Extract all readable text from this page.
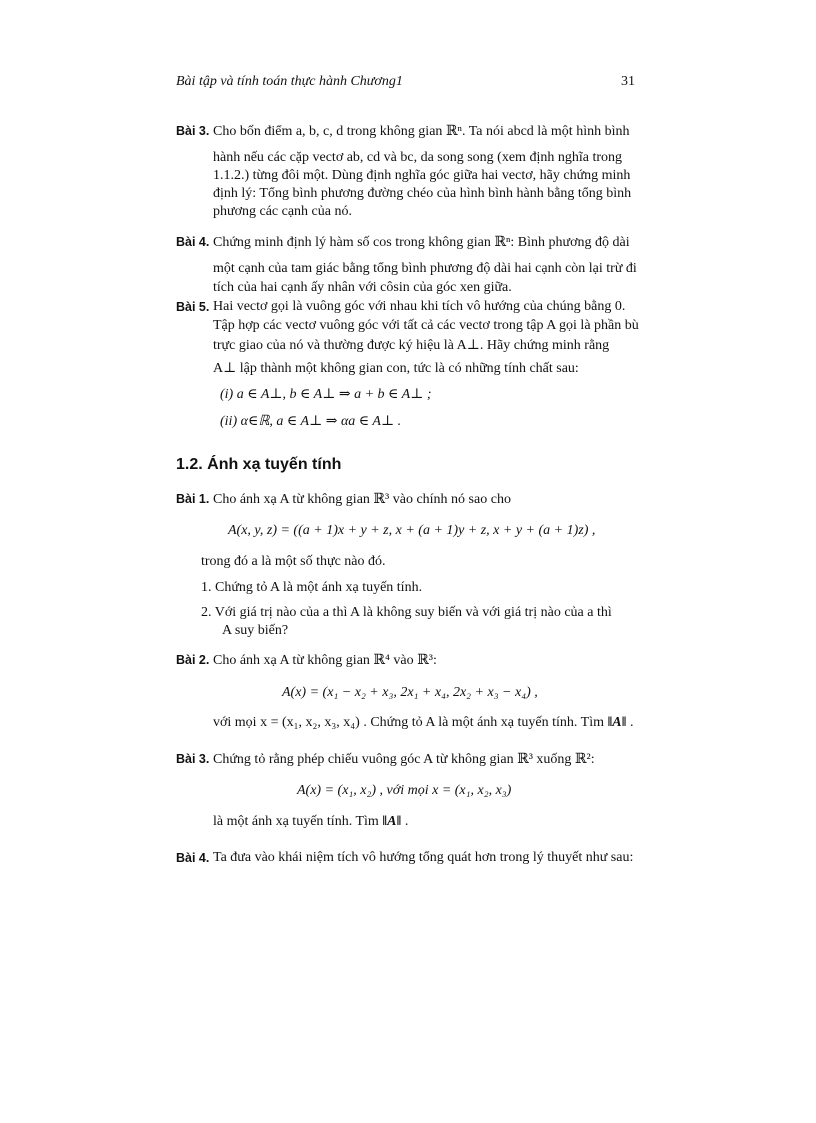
Bài tập và tính toán thực hành Chương1	31
Bài 3. Cho bốn điểm a, b, c, d trong không gian ℝⁿ. Ta nói abcd là một hình bình
hành nếu các cặp vectơ ab, cd và bc, da song song (xem định nghĩa trong
1.1.2.) từng đôi một. Dùng định nghĩa góc giữa hai vectơ, hãy chứng minh
định lý: Tổng bình phương đường chéo của hình bình hành bằng tổng bình
phương các cạnh của nó.
Bài 4. Chứng minh định lý hàm số cos trong không gian ℝⁿ: Bình phương độ dài
một cạnh của tam giác bằng tổng bình phương độ dài hai cạnh còn lại trừ đi
tích của hai cạnh ấy nhân với côsin của góc xen giữa.
Bài 5. Hai vectơ gọi là vuông góc với nhau khi tích vô hướng của chúng bằng 0.
Tập hợp các vectơ vuông góc với tất cả các vectơ trong tập A gọi là phần bù
trực giao của nó và thường được ký hiệu là A⊥. Hãy chứng minh rằng
A⊥ lập thành một không gian con, tức là có những tính chất sau:
(i) a ∈ A⊥, b ∈ A⊥ ⇒ a + b ∈ A⊥ ;
(ii) α∈ℝ, a ∈ A⊥ ⇒ αa ∈ A⊥ .
1.2. Ánh xạ tuyến tính
Bài 1. Cho ánh xạ A từ không gian ℝ³ vào chính nó sao cho
A(x, y, z) = ((a + 1)x + y + z, x + (a + 1)y + z, x + y + (a + 1)z) ,
trong đó a là một số thực nào đó.
1. Chứng tỏ A là một ánh xạ tuyến tính.
2. Với giá trị nào của a thì A là không suy biến và với giá trị nào của a thì
A suy biến?
Bài 2. Cho ánh xạ A từ không gian ℝ⁴ vào ℝ³:
A(x) = (x₁ − x₂ + x₃, 2x₁ + x₄, 2x₂ + x₃ − x₄) ,
với mọi x = (x₁, x₂, x₃, x₄) . Chứng tỏ A là một ánh xạ tuyến tính. Tìm ‖A‖ .
Bài 3. Chứng tỏ rằng phép chiếu vuông góc A từ không gian ℝ³ xuống ℝ²:
A(x) = (x₁, x₂) , với mọi x = (x₁, x₂, x₃)
là một ánh xạ tuyến tính. Tìm ‖A‖ .
Bài 4. Ta đưa vào khái niệm tích vô hướng tổng quát hơn trong lý thuyết như sau:
